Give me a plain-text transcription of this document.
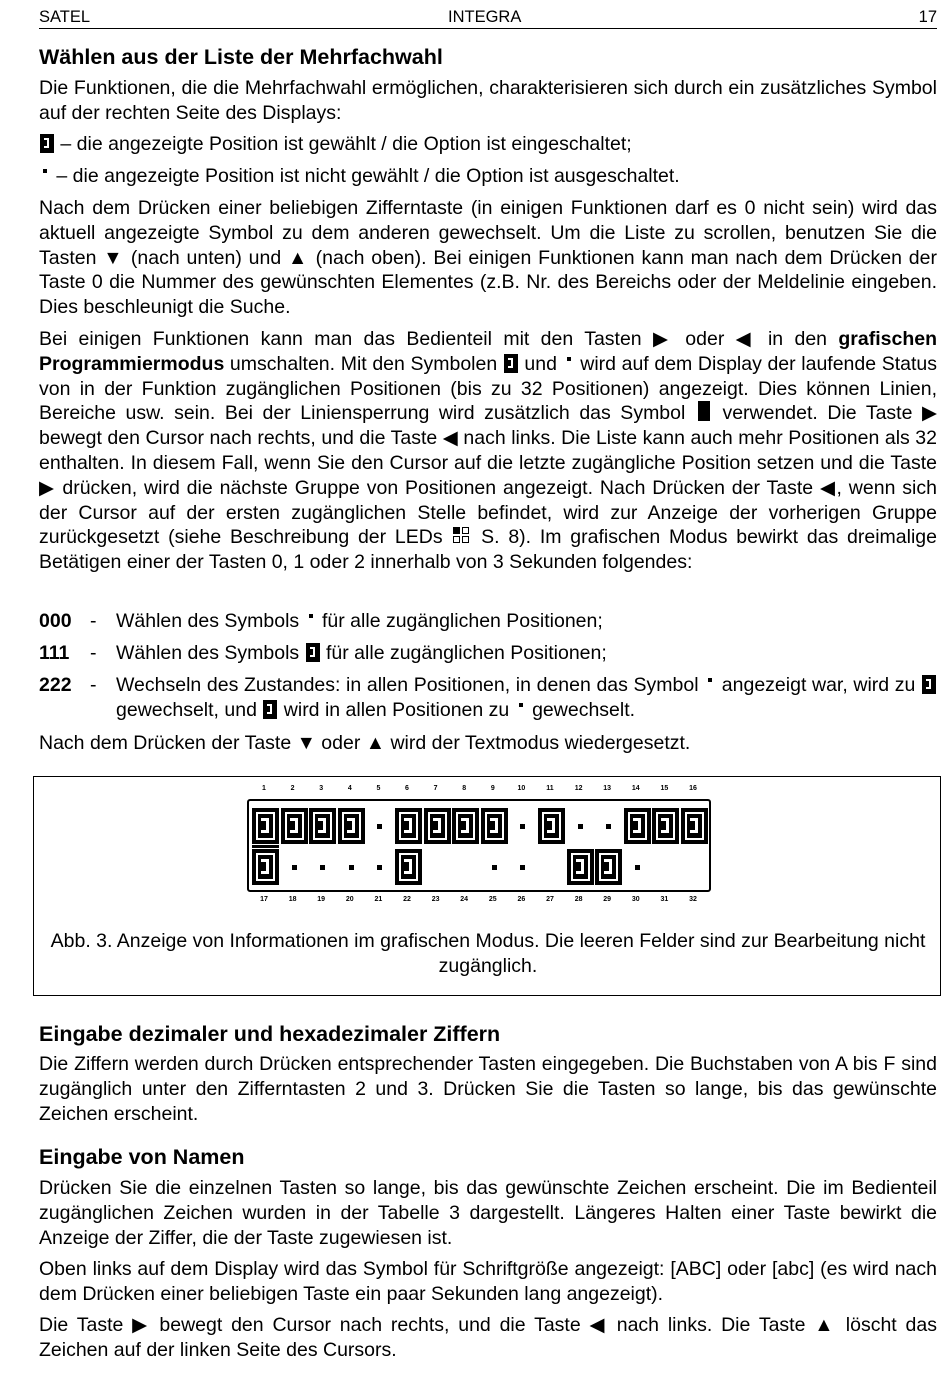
SATEL	INTEGRA	17
Wählen aus der Liste der Mehrfachwahl

Die Funktionen, die die Mehrfachwahl ermöglichen, charakterisieren sich durch ein zusätzliches Symbol auf der rechten Seite des Displays:

– die angezeigte Position ist gewählt / die Option ist eingeschaltet;

– die angezeigte Position ist nicht gewählt / die Option ist ausgeschaltet.

Nach dem Drücken einer beliebigen Zifferntaste (in einigen Funktionen darf es 0 nicht sein) wird das aktuell angezeigte Symbol zu dem anderen gewechselt. Um die Liste zu scrollen, benutzen Sie die Tasten ▼ (nach unten) und ▲ (nach oben). Bei einigen Funktionen kann man nach dem Drücken der Taste 0 die Nummer des gewünschten Elementes (z.B. Nr. des Bereichs oder der Meldelinie eingeben. Dies beschleunigt die Suche.

Bei einigen Funktionen kann man das Bedienteil mit den Tasten ▶ oder ◀ in den grafischen Programmiermodus umschalten. Mit den Symbolen  und  wird auf dem Display der laufende Status von in der Funktion zugänglichen Positionen (bis zu 32 Positionen) angezeigt. Dies können Linien, Bereiche usw. sein. Bei der Liniensperrung wird zusätzlich das Symbol  verwendet. Die Taste ▶ bewegt den Cursor nach rechts, und die Taste ◀ nach links. Die Liste kann auch mehr Positionen als 32 enthalten. In diesem Fall, wenn Sie den Cursor auf die letzte zugängliche Position setzen und die Taste ▶ drücken, wird die nächste Gruppe von Positionen angezeigt. Nach Drücken der Taste ◀, wenn sich der Cursor auf der ersten zugänglichen Stelle befindet, wird zur Anzeige der vorherigen Gruppe zurückgesetzt (siehe Beschreibung der LEDs
S. 8). Im grafischen Modus bewirkt das dreimalige Betätigen einer der Tasten 0, 1 oder 2 innerhalb von 3 Sekunden folgendes:

000 - Wählen des Symbols  für alle zugänglichen Positionen;
111 - Wählen des Symbols  für alle zugänglichen Positionen;
222 - Wechseln des Zustandes: in allen Positionen, in denen das Symbol  angezeigt war, wird zu  gewechselt, und  wird in allen Positionen zu  gewechselt.

Nach dem Drücken der Taste ▼ oder ▲ wird der Textmodus wiedergesetzt.

Eingabe dezimaler und hexadezimaler Ziffern

Die Ziffern werden durch Drücken entsprechender Tasten eingegeben. Die Buchstaben von A bis F sind zugänglich unter den Zifferntasten 2 und 3. Drücken Sie die Tasten so lange, bis das gewünschte Zeichen erscheint.

Eingabe von Namen

Drücken Sie die einzelnen Tasten so lange, bis das gewünschte Zeichen erscheint. Die im Bedienteil zugänglichen Zeichen wurden in der Tabelle 3 dargestellt. Längeres Halten einer Taste bewirkt die Anzeige der Ziffer, die der Taste zugewiesen ist.

Oben links auf dem Display wird das Symbol für Schriftgröße angezeigt: [ABC] oder [abc] (es wird nach dem Drücken einer beliebigen Taste ein paar Sekunden lang angezeigt).

Die Taste ▶ bewegt den Cursor nach rechts, und die Taste ◀ nach links. Die Taste ▲ löscht das Zeichen auf der linken Seite des Cursors.

1	2	3	4	5	6	7	8	9	10	11	12	13	14	15	16
17	18	19	20	21	22	23	24	25	26	27	28	29	30	31	32
Abb. 3. Anzeige von Informationen im grafischen Modus. Die leeren Felder sind zur Bearbeitung nicht zugänglich.
